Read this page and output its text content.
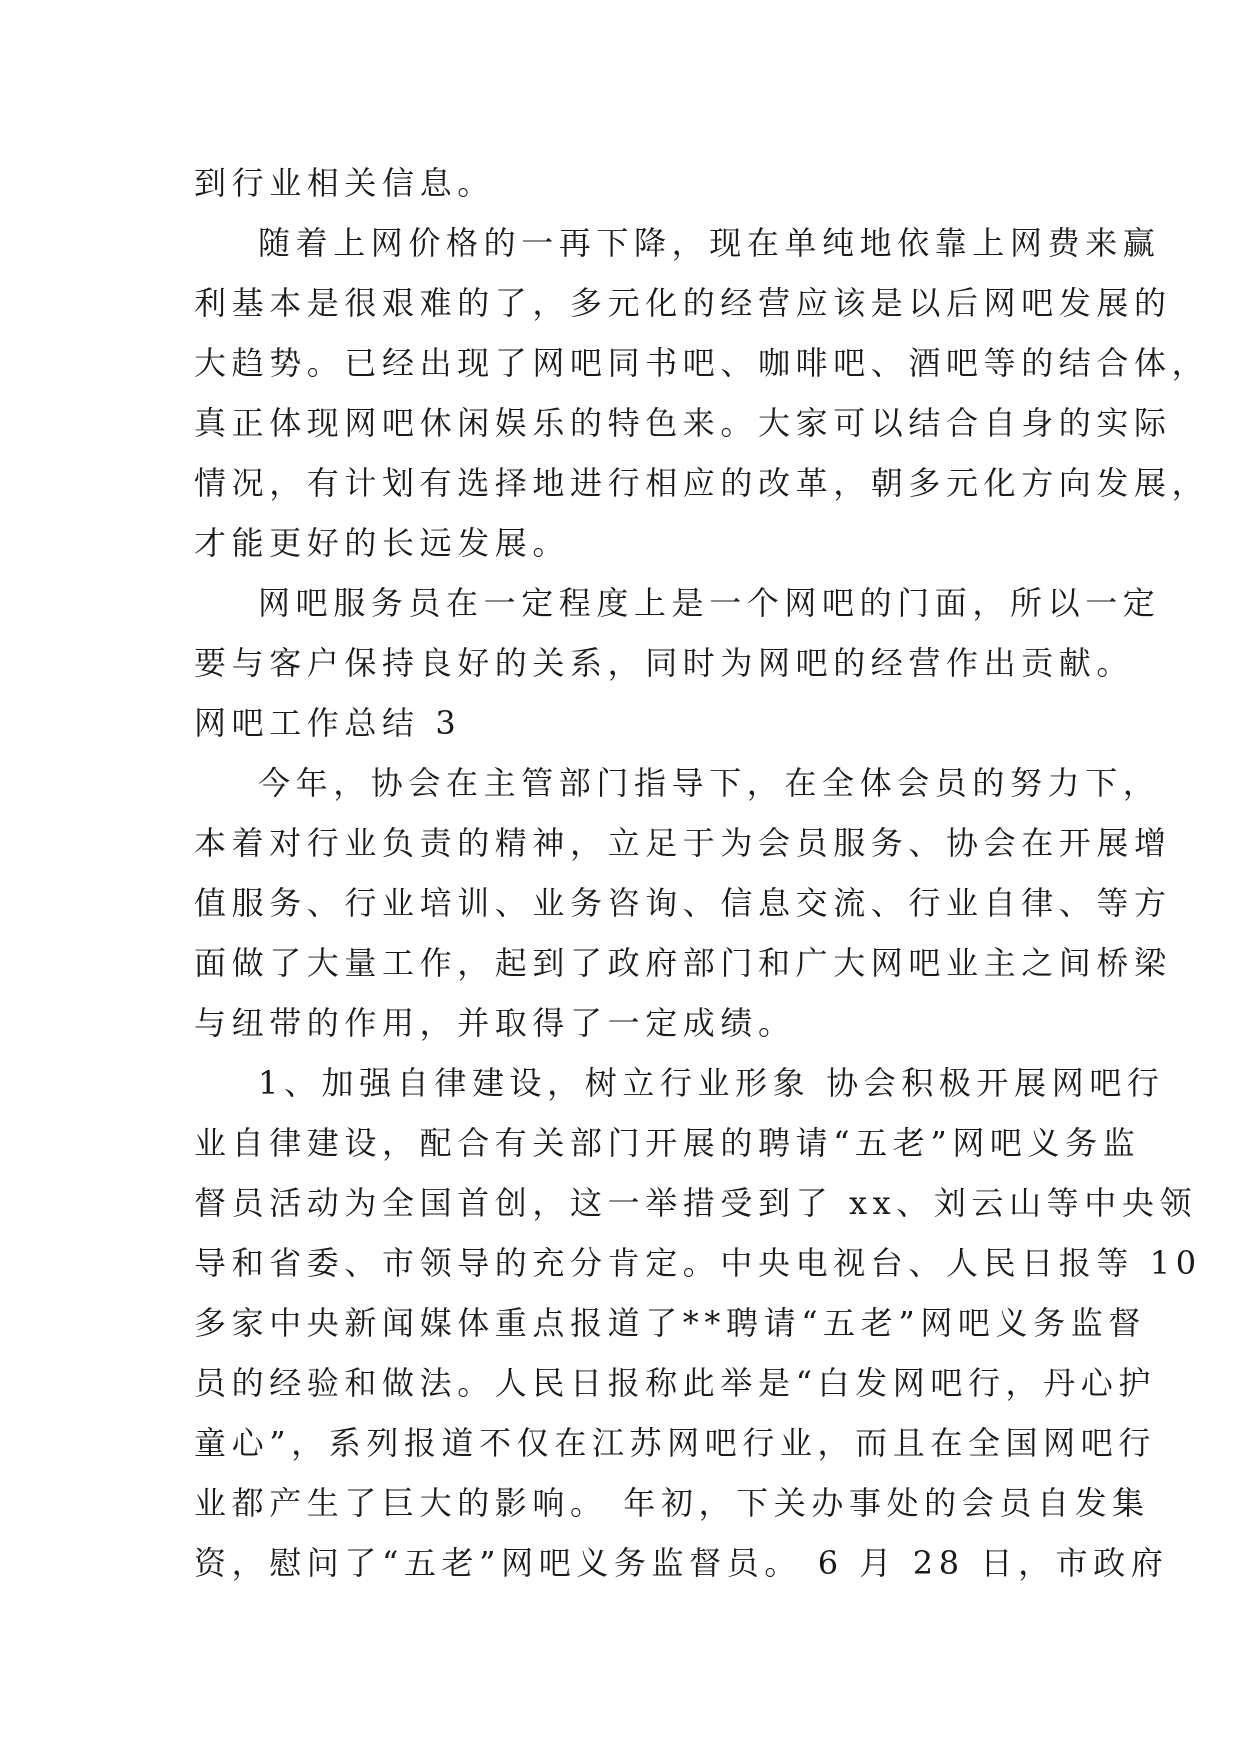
到行业相关信息。
随着上网价格的一再下降，现在单纯地依靠上网费来赢
利基本是很艰难的了，多元化的经营应该是以后网吧发展的
大趋势。已经出现了网吧同书吧、咖啡吧、酒吧等的结合体，
真正体现网吧休闲娱乐的特色来。大家可以结合自身的实际
情况，有计划有选择地进行相应的改革，朝多元化方向发展，
才能更好的长远发展。
网吧服务员在一定程度上是一个网吧的门面，所以一定
要与客户保持良好的关系，同时为网吧的经营作出贡献。
网吧工作总结 3
今年，协会在主管部门指导下，在全体会员的努力下，
本着对行业负责的精神，立足于为会员服务、协会在开展增
值服务、行业培训、业务咨询、信息交流、行业自律、等方
面做了大量工作，起到了政府部门和广大网吧业主之间桥梁
与纽带的作用，并取得了一定成绩。
1、加强自律建设，树立行业形象 协会积极开展网吧行
业自律建设，配合有关部门开展的聘请“五老”网吧义务监
督员活动为全国首创，这一举措受到了 xx、刘云山等中央领
导和省委、市领导的充分肯定。中央电视台、人民日报等 10
多家中央新闻媒体重点报道了**聘请“五老”网吧义务监督
员的经验和做法。人民日报称此举是“白发网吧行，丹心护
童心”，系列报道不仅在江苏网吧行业，而且在全国网吧行
业都产生了巨大的影响。 年初，下关办事处的会员自发集
资，慰问了“五老”网吧义务监督员。 6 月 28 日，市政府
